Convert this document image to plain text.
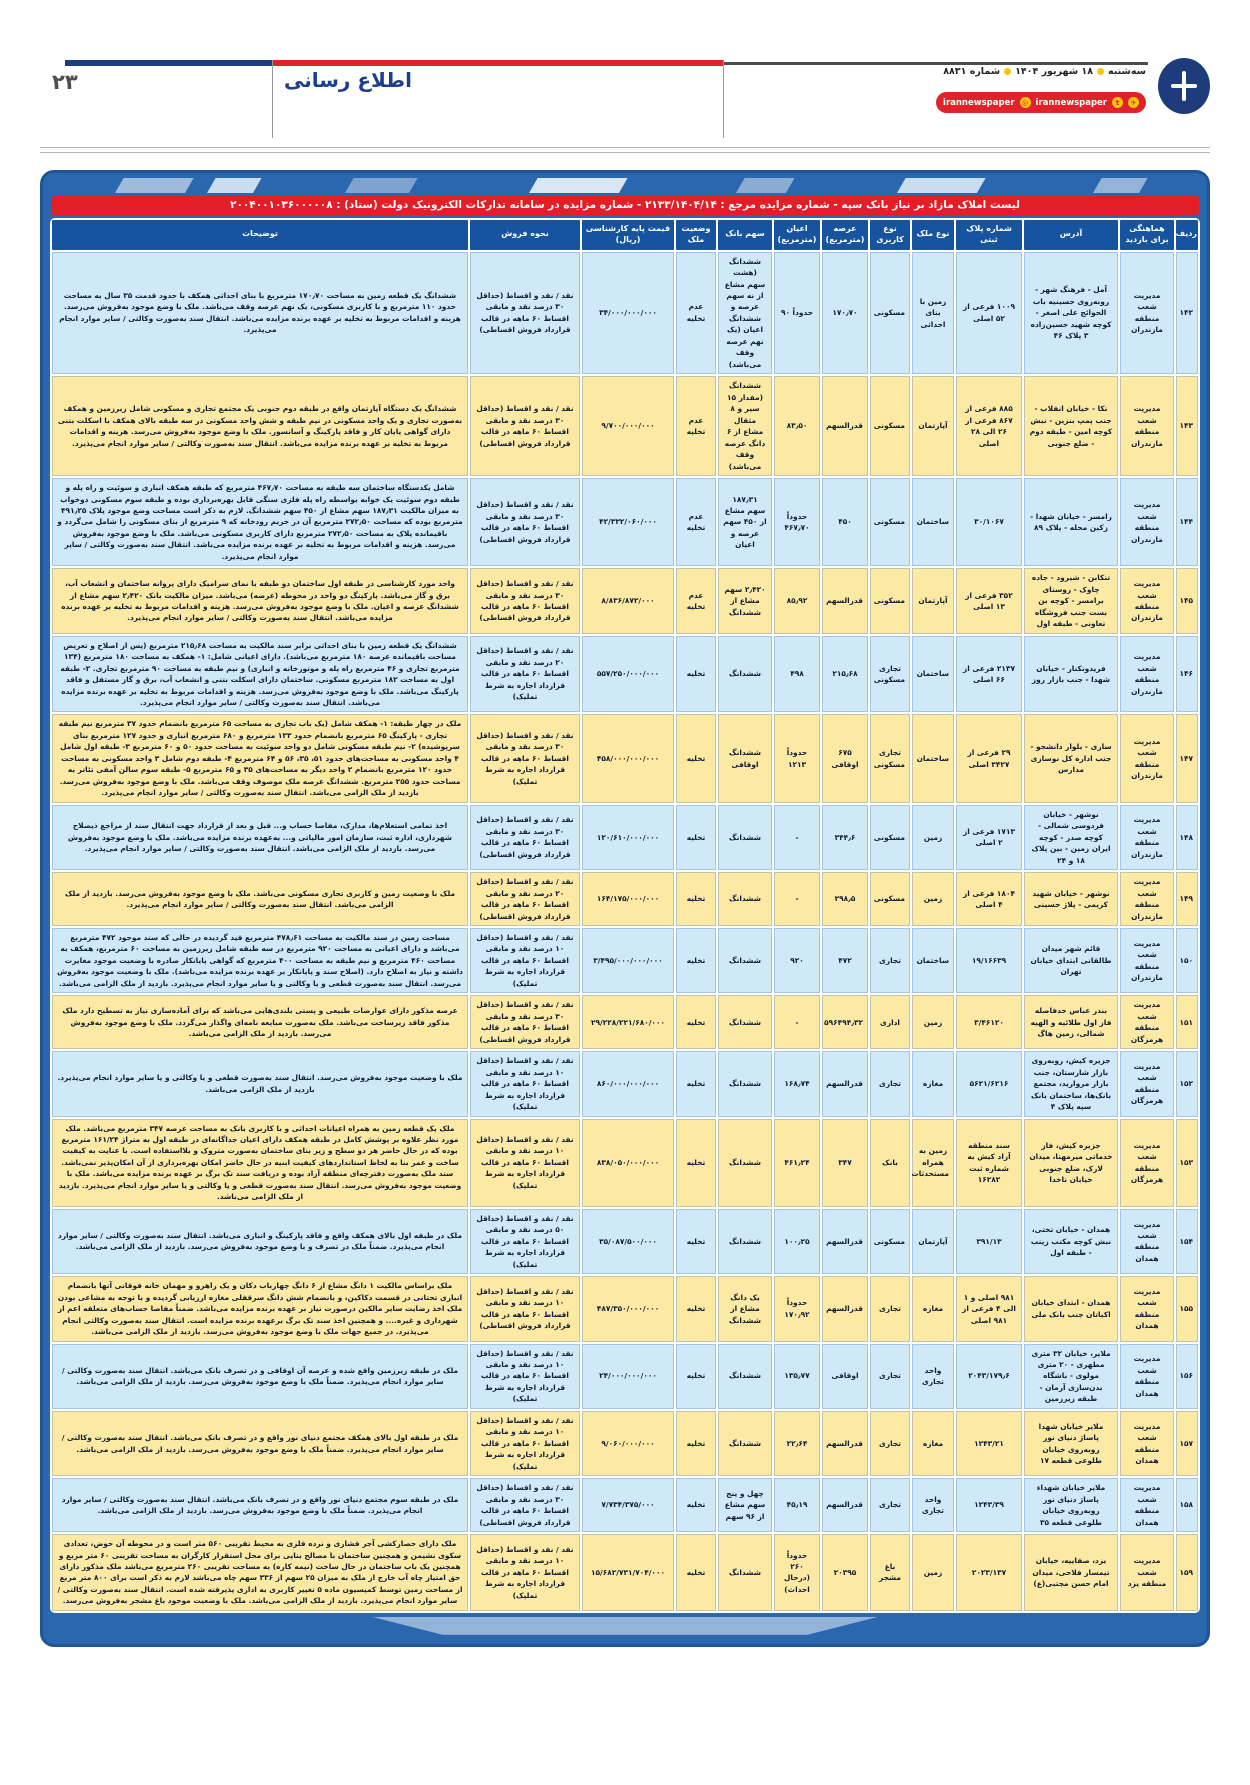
۲۳	اطلاع رسانی	سه‌شنبه
۱۸ شهریور ۱۴۰۴
شماره ۸۸۳۱
✈
t
irannewspaper
◎
irannewspaper
لیست املاک مازاد بر نیاز بانک سپه - شماره مزایده مرجع : ۲۱۳۳/۱۴۰۴/۱۴ - شماره مزایده در سامانه تدارکات الکترونیک دولت (ستاد) : ۲۰۰۴۰۰۱۰۳۶۰۰۰۰۰۸
ردیف	هماهنگی برای بازدید	آدرس	شماره پلاک ثبتی	نوع ملک	نوع کاربری	عرصه (مترمربع)	اعیان (مترمربع)	سهم بانک	وضعیت ملک	قیمت پایه کارشناسی (ریال)	نحوه فروش	توضیحات
۱۴۲	مدیریت شعب منطقه مازندران	آمل - فرهنگ شهر - روبه‌روی حسینیه باب الحوائج علی اصغر - کوچه شهید حسین‌زاده ۳ پلاک ۴۶	۱۰۰۹ فرعی از ۵۲ اصلی	زمین با بنای احداثی	مسکونی	۱۷۰٫۷۰	حدوداً ۹۰	ششدانگ (هشت سهم مشاع از نه سهم عرصه و ششدانگ اعیان (یک نهم عرصه وقف می‌باشد)	عدم تخلیه	۳۴/۰۰۰/۰۰۰/۰۰۰	نقد / نقد و اقساط (حداقل ۳۰ درصد نقد و مابقی اقساط ۶۰ ماهه در قالب قرارداد فروش اقساطی)	ششدانگ یک قطعه زمین به مساحت ۱۷۰٫۷۰ مترمربع با بنای احداثی همکف با حدود قدمت ۳۵ سال به مساحت حدود ۱۱۰ مترمربع و با کاربری مسکونی، یک نهم عرصه وقف می‌باشد. ملک با وضع موجود به‌فروش می‌رسد. هزینه و اقدامات مربوط به تخلیه بر عهده برنده مزایده می‌باشد. انتقال سند به‌صورت وکالتی / سایر موارد انجام می‌پذیرد.
۱۴۳	مدیریت شعب منطقه مازندران	نکا - خیابان انقلاب - جنب پمپ بنزین - نبش کوچه امین - طبقه دوم - ضلع جنوبی	۸۸۵ فرعی از ۸۶۷ فرعی از ۲۶ الی ۲۸ اصلی	آپارتمان	مسکونی	قدرالسهم	۸۳٫۵۰	ششدانگ (مقدار ۱۵ سیر و ۸ مثقال مشاع از ۶ دانگ عرصه وقف می‌باشد)	عدم تخلیه	۹/۷۰۰/۰۰۰/۰۰۰	نقد / نقد و اقساط (حداقل ۳۰ درصد نقد و مابقی اقساط ۶۰ ماهه در قالب قرارداد فروش اقساطی)	ششدانگ یک دستگاه آپارتمان واقع در طبقه دوم جنوبی یک مجتمع تجاری و مسکونی شامل زیرزمین و همکف به‌صورت تجاری و یک واحد مسکونی در نیم طبقه و شش واحد مسکونی در سه طبقه بالای همکف با اسکلت بتنی دارای گواهی پایان کار و فاقد پارکینگ و آسانسور. ملک با وضع موجود به‌فروش می‌رسد. هزینه و اقدامات مربوط به تخلیه بر عهده برنده مزایده می‌باشد. انتقال سند به‌صورت وکالتی / سایر موارد انجام می‌پذیرد.
۱۴۴	مدیریت شعب منطقه مازندران	رامسر - خیابان شهدا - زکین محله - پلاک ۸۹	۳۰/۱۰۶۷	ساختمان	مسکونی	۴۵۰	حدوداً ۴۶۷٫۷۰	۱۸۷٫۳۱ سهم مشاع از ۴۵۰ سهم عرصه و اعیان	عدم تخلیه	۴۲/۳۳۲/۰۶۰/۰۰۰	نقد / نقد و اقساط (حداقل ۳۰ درصد نقد و مابقی اقساط ۶۰ ماهه در قالب قرارداد فروش اقساطی)	شامل یکدستگاه ساختمان سه طبقه به مساحت ۴۶۷٫۷۰ مترمربع که طبقه همکف انباری و سوئیت و راه پله و طبقه دوم سوئیت یک خوابه بواسطه راه پله فلزی سنگی قابل بهره‌برداری بوده و طبقه سوم مسکونی دوخواب به میزان مالکیت ۱۸۷٫۳۱ سهم مشاع از ۴۵۰ سهم ششدانگ. لازم به ذکر است مساحت وضع موجود پلاک ۴۹۱٫۲۵ مترمربع بوده که مساحت ۲۷۲٫۵۰ مترمربع آن در حریم رودخانه که ۹ مترمربع از بنای مسکونی را شامل می‌گردد و باقیمانده پلاک به مساحت ۲۷۲٫۵۰ مترمربع دارای کاربری مسکونی می‌باشد. ملک با وضع موجود به‌فروش می‌رسد. هزینه و اقدامات مربوط به تخلیه بر عهده برنده مزایده می‌باشد. انتقال سند به‌صورت وکالتی / سایر موارد انجام می‌پذیرد.
۱۴۵	مدیریت شعب منطقه مازندران	تنکابن - شیرود - جاده چاوک - روستای برامسر - کوچه بن بست جنب فروشگاه تعاونی - طبقه اول	۳۵۲ فرعی از ۱۳ اصلی	آپارتمان	مسکونی	قدرالسهم	۸۵٫۹۲	۲٫۴۲۰ سهم مشاع از ششدانگ	عدم تخلیه	۸/۸۳۶/۸۷۲/۰۰۰	نقد / نقد و اقساط (حداقل ۳۰ درصد نقد و مابقی اقساط ۶۰ ماهه در قالب قرارداد فروش اقساطی)	واحد مورد کارشناسی در طبقه اول ساختمان دو طبقه با نمای سرامیک دارای پروانه ساختمان و انشعاب آب، برق و گاز می‌باشد. پارکینگ دو واحد در محوطه (عرصه) می‌باشد. میزان مالکیت بانک ۲٫۴۲۰ سهم مشاع از ششدانگ عرصه و اعیان. ملک با وضع موجود به‌فروش می‌رسد. هزینه و اقدامات مربوط به تخلیه بر عهده برنده مزایده می‌باشد. انتقال سند به‌صورت وکالتی / سایر موارد انجام می‌پذیرد.
۱۴۶	مدیریت شعب منطقه مازندران	فریدونکنار - خیابان شهدا - جنب بازار روز	۲۱۳۷ فرعی از ۶۶ اصلی	ساختمان	تجاری مسکونی	۲۱۵٫۶۸	۴۹۸	ششدانگ	تخلیه	۵۵۷/۲۵۰/۰۰۰/۰۰۰	نقد / نقد و اقساط (حداقل ۲۰ درصد نقد و مابقی اقساط ۶۰ ماهه در قالب قرارداد اجاره به شرط تملیک)	ششدانگ یک قطعه زمین با بنای احداثی برابر سند مالکیت به مساحت ۲۱۵٫۶۸ مترمربع (پس از اصلاح و تعریض مساحت باقیمانده عرصه ۱۸۰ مترمربع می‌باشد). دارای اعیانی شامل: ۱- همکف به مساحت ۱۸۰ مترمربع (۱۳۴ مترمربع تجاری و ۴۶ مترمربع راه پله و موتورخانه و انباری) و نیم طبقه به مساحت ۹۰ مترمربع تجاری. ۲- طبقه اول به مساحت ۱۸۲ مترمربع مسکونی. ساختمان دارای اسکلت بتنی و انشعاب آب، برق و گاز مستقل و فاقد پارکینگ می‌باشد. ملک با وضع موجود به‌فروش می‌رسد. هزینه و اقدامات مربوط به تخلیه بر عهده برنده مزایده می‌باشد. انتقال سند به‌صورت وکالتی / سایر موارد انجام می‌پذیرد.
۱۴۷	مدیریت شعب منطقه مازندران	ساری - بلوار دانشجو - جنب اداره کل نوسازی مدارس	۲۹ فرعی از ۳۴۲۷ اصلی	ساختمان	تجاری مسکونی	۶۷۵ اوقافی	حدوداً ۱۲۱۳	ششدانگ اوقافی	تخلیه	۴۵۸/۰۰۰/۰۰۰/۰۰۰	نقد / نقد و اقساط (حداقل ۳۰ درصد نقد و مابقی اقساط ۶۰ ماهه در قالب قرارداد اجاره به شرط تملیک)	ملک در چهار طبقه: ۱- همکف شامل (یک باب تجاری به مساحت ۶۵ مترمربع بانضمام حدود ۳۷ مترمربع نیم طبقه تجاری - پارکینگ ۶۵ مترمربع بانضمام حدود ۱۳۳ مترمربع و ۶۸۰ مترمربع انباری و حدود ۱۲۷ مترمربع بنای سرپوشیده) ۲- نیم طبقه مسکونی شامل دو واحد سوئیت به مساحت حدود ۵۰ و ۶۰ مترمربع ۳- طبقه اول شامل ۴ واحد مسکونی به مساحت‌های حدود ۵۱، ۳۵، ۵۶ و ۶۴ مترمربع ۴- طبقه دوم شامل ۳ واحد مسکونی به مساحت حدود ۱۲۰ مترمربع بانضمام ۲ واحد دیگر به مساحت‌های ۳۵ و ۶۵ مترمربع ۵- طبقه سوم سالن آمفی تئاتر به مساحت حدود ۲۵۵ مترمربع. ششدانگ عرصه ملک موصوف وقف می‌باشد. ملک با وضع موجود به‌فروش می‌رسد. بازدید از ملک الزامی می‌باشد. انتقال سند به‌صورت وکالتی / سایر موارد انجام می‌پذیرد.
۱۴۸	مدیریت شعب منطقه مازندران	نوشهر - خیابان فردوسی شمالی - کوچه صدر - کوچه ایران زمین - بین پلاک ۱۸ و ۲۴	۱۷۱۳ فرعی از ۲ اصلی	زمین	مسکونی	۳۴۴٫۶	-	ششدانگ	تخلیه	۱۲۰/۶۱۰/۰۰۰/۰۰۰	نقد / نقد و اقساط (حداقل ۳۰ درصد نقد و مابقی اقساط ۶۰ ماهه در قالب قرارداد فروش اقساطی)	اخذ تمامی استعلام‌ها، مدارک، مفاصا حساب و... قبل و بعد از قرارداد جهت انتقال سند از مراجع ذیصلاح شهرداری، اداره ثبت، سازمان امور مالیاتی و... به‌عهده برنده مزایده می‌باشد. ملک با وضع موجود به‌فروش می‌رسد. بازدید از ملک الزامی می‌باشد. انتقال سند به‌صورت وکالتی / سایر موارد انجام می‌پذیرد.
۱۴۹	مدیریت شعب منطقه مازندران	نوشهر - خیابان شهید کریمی - پلاژ حسینی	۱۸۰۴ فرعی از ۴ اصلی	زمین	مسکونی	۲۹۸٫۵	-	ششدانگ	تخلیه	۱۶۴/۱۷۵/۰۰۰/۰۰۰	نقد / نقد و اقساط (حداقل ۲۰ درصد نقد و مابقی اقساط ۶۰ ماهه در قالب قرارداد فروش اقساطی)	ملک با وضعیت زمین و کاربری تجاری مسکونی می‌باشد. ملک با وضع موجود به‌فروش می‌رسد. بازدید از ملک الزامی می‌باشد. انتقال سند به‌صورت وکالتی / سایر موارد انجام می‌پذیرد.
۱۵۰	مدیریت شعب منطقه مازندران	قائم شهر میدان طالقانی ابتدای خیابان تهران	۱۹/۱۶۶۳۹	ساختمان	تجاری	۴۷۲	۹۲۰	ششدانگ	تخلیه	۳/۴۹۵/۰۰۰/۰۰۰/۰۰۰	نقد / نقد و اقساط (حداقل ۱۰ درصد نقد و مابقی اقساط ۶۰ ماهه در قالب قرارداد اجاره به شرط تملیک)	مساحت زمین در سند مالکیت به مساحت ۴۷۸٫۶۱ مترمربع قید گردیده در حالی که سند موجود ۴۷۲ مترمربع می‌باشد و دارای اعیانی به مساحت ۹۲۰ مترمربع در سه طبقه شامل زیرزمین به مساحت ۶۰ مترمربع، همکف به مساحت ۴۶۰ مترمربع و نیم طبقه به مساحت ۴۰۰ مترمربع که گواهی پایانکار صادره با وضعیت موجود مغایرت داشته و نیاز به اصلاح دارد. (اصلاح سند و پایانکار بر عهده برنده مزایده می‌باشد). ملک با وضعیت موجود به‌فروش می‌رسد. انتقال سند به‌صورت قطعی و یا وکالتی و یا سایر موارد انجام می‌پذیرد. بازدید از ملک الزامی می‌باشد.
۱۵۱	مدیریت شعب منطقه هرمزگان	بندر عباس حدفاصله فاز اول طلائیه و الهیه شمالی، زمین هاگ	۳/۴۶۱۲۰	زمین	اداری	۵۹۶۴۹۴٫۳۲	-	ششدانگ	تخلیه	۲۹/۲۲۸/۲۲۱/۶۸۰/۰۰۰	نقد / نقد و اقساط (حداقل ۳۰ درصد نقد و مابقی اقساط ۶۰ ماهه در قالب قرارداد فروش اقساطی)	عرصه مذکور دارای عوارضات طبیعی و پستی بلندی‌هایی می‌باشد که برای آماده‌سازی نیاز به تسطیح دارد ملک مذکور فاقد زیرساخت می‌باشد. ملک به‌صورت مبایعه نامه‌ای واگذار می‌گردد. ملک با وضع موجود به‌فروش می‌رسد. بازدید از ملک الزامی می‌باشد.
۱۵۲	مدیریت شعب منطقه هرمزگان	جزیره کیش، روبه‌روی بازار شارستان، جنب بازار مروارید، مجتمع بانک‌ها، ساختمان بانک سپه پلاک ۴	۵۶۲۱/۶۲۱۶	مغازه	تجاری	قدرالسهم	۱۶۸٫۷۴	ششدانگ	تخلیه	۸۶۰/۰۰۰/۰۰۰/۰۰۰	نقد / نقد و اقساط (حداقل ۱۰ درصد نقد و مابقی اقساط ۶۰ ماهه در قالب قرارداد اجاره به شرط تملیک)	ملک با وضعیت موجود به‌فروش می‌رسد. انتقال سند به‌صورت قطعی و یا وکالتی و یا سایر موارد انجام می‌پذیرد. بازدید از ملک الزامی می‌باشد.
۱۵۳	مدیریت شعب منطقه هرمزگان	جزیره کیش، فاز خدماتی میرمهنا، میدان لارک، ضلع جنوبی خیابان ناخدا	سند منطقه آزاد کیش به شماره ثبت ۱۶۲۸۲	زمین به همراه مستحدثات	بانک	۳۴۷	۴۶۱٫۲۴	ششدانگ	تخلیه	۸۳۸/۰۵۰/۰۰۰/۰۰۰	نقد / نقد و اقساط (حداقل ۱۰ درصد نقد و مابقی اقساط ۶۰ ماهه در قالب قرارداد اجاره به شرط تملیک)	ملک یک قطعه زمین به همراه اعیانات احداثی و با کاربری بانک به مساحت عرصه ۳۴۷ مترمربع می‌باشد. ملک مورد نظر علاوه بر پوشش کامل در طبقه همکف دارای اعیان جداگانه‌ای در طبقه اول به متراژ ۱۶۱/۲۴ مترمربع بوده که در حال حاضر هر دو سطح و زیر بنای ساختمان به‌صورت متروک و بلااستفاده است. با عنایت به کیفیت ساخت و عمر بنا به لحاظ استانداردهای کیفیت ابنیه در حال حاضر امکان بهره‌برداری از آن امکان‌پذیر نمی‌باشد. سند ملک به‌صورت دفترچه‌ای منطقه آزاد بوده و دریافت سند تک برگ بر عهده برنده مزایده می‌باشد. ملک با وضعیت موجود به‌فروش می‌رسد. انتقال سند به‌صورت قطعی و یا وکالتی و یا سایر موارد انجام می‌پذیرد. بازدید از ملک الزامی می‌باشد.
۱۵۴	مدیریت شعب منطقه همدان	همدان - خیابان تختی، نبش کوچه مکتب زینب - طبقه اول	۳۹۱/۱۳	آپارتمان	مسکونی	قدرالسهم	۱۰۰٫۲۵	ششدانگ	تخلیه	۳۵/۰۸۷/۵۰۰/۰۰۰	نقد / نقد و اقساط (حداقل ۵۰ درصد نقد و مابقی اقساط ۶۰ ماهه در قالب قرارداد اجاره به شرط تملیک)	ملک در طبقه اول بالای همکف واقع و فاقد پارکینگ و انباری می‌باشد. انتقال سند به‌صورت وکالتی / سایر موارد انجام می‌پذیرد. ضمناً ملک در تصرف و با وضع موجود به‌فروش می‌رسد. بازدید از ملک الزامی می‌باشد.
۱۵۵	مدیریت شعب منطقه همدان	همدان - ابتدای خیابان اکباتان جنب بانک ملی	۹۸۱ اصلی و ۱ الی ۴ فرعی از ۹۸۱ اصلی	مغازه	تجاری	قدرالسهم	حدوداً ۱۷۰٫۹۲	یک دانگ مشاع از ششدانگ	تخلیه	۴۸۷/۳۵۰/۰۰۰/۰۰۰	نقد / نقد و اقساط (حداقل ۱۰ درصد نقد و مابقی اقساط ۶۰ ماهه در قالب قرارداد فروش اقساطی)	ملک براساس مالکیت ۱ دانگ مشاع از ۶ دانگ چهارباب دکان و یک راهرو و مهمان خانه فوقانی آنها بانضمام انباری تحتانی در قسمت دکاکین، و بانضمام شش دانگ سرقفلی مغازه ارزیابی گردیده و با توجه به مشاعی بودن ملک اخذ رضایت سایر مالکین درصورت نیاز بر عهده برنده مزایده می‌باشد. ضمناً مفاصا حساب‌های متعلقه اعم از شهرداری و غیره.... و همچنین اخذ سند تک برگ برعهده برنده مزایده است. انتقال سند به‌صورت وکالتی انجام می‌پذیرد. در جمیع جهات ملک با وضع موجود به‌فروش می‌رسد. بازدید از ملک الزامی می‌باشد.
۱۵۶	مدیریت شعب منطقه همدان	ملایر، خیابان ۳۲ متری مطهری - ۲۰ متری مولوی - باشگاه بدن‌سازی آرمان - طبقه زیرزمین	۲۰۴۳/۱۷۹٫۶	واحد تجاری	تجاری	اوقافی	۱۳۵٫۷۷	ششدانگ	تخلیه	۲۴/۰۰۰/۰۰۰/۰۰۰	نقد / نقد و اقساط (حداقل ۱۰ درصد نقد و مابقی اقساط ۶۰ ماهه در قالب قرارداد اجاره به شرط تملیک)	ملک در طبقه زیرزمین واقع شده و عرصه آن اوقافی و در تصرف بانک می‌باشد. انتقال سند به‌صورت وکالتی / سایر موارد انجام می‌پذیرد. ضمناً ملک با وضع موجود به‌فروش می‌رسد. بازدید از ملک الزامی می‌باشد.
۱۵۷	مدیریت شعب منطقه همدان	ملایر خیابان شهدا پاساژ دنیای نور روبه‌روی خیابان طلوعی قطعه ۱۷	۱۲۴۳/۲۱	مغازه	تجاری	قدرالسهم	۲۲٫۶۴	ششدانگ	تخلیه	۹/۰۶۰/۰۰۰/۰۰۰	نقد / نقد و اقساط (حداقل ۱۰ درصد نقد و مابقی اقساط ۶۰ ماهه در قالب قرارداد اجاره به شرط تملیک)	ملک در طبقه اول بالای همکف مجتمع دنیای نور واقع و در تصرف بانک می‌باشد. انتقال سند به‌صورت وکالتی / سایر موارد انجام می‌پذیرد. ضمناً ملک با وضع موجود به‌فروش می‌رسد. بازدید از ملک الزامی می‌باشد.
۱۵۸	مدیریت شعب منطقه همدان	ملایر خیابان شهداء پاساژ دنیای نور روبه‌روی خیابان طلوعی قطعه ۳۵	۱۲۴۳/۳۹	واحد تجاری	تجاری	قدرالسهم	۴۵٫۱۹	چهل و پنج سهم مشاع از ۹۶ سهم	تخلیه	۷/۷۳۴/۳۷۵/۰۰۰	نقد / نقد و اقساط (حداقل ۳۰ درصد نقد و مابقی اقساط ۶۰ ماهه در قالب قرارداد فروش اقساطی)	ملک در طبقه سوم مجتمع دنیای نور واقع و در تصرف بانک می‌باشد. انتقال سند به‌صورت وکالتی / سایر موارد انجام می‌پذیرد. ضمناً ملک با وضع موجود به‌فروش می‌رسد. بازدید از ملک الزامی می‌باشد.
۱۵۹	مدیریت شعب منطقه یزد	یزد، صفاییه، خیابان تیمسار فلاحی، میدان امام حسن مجتبی(ع)	۲۰۲۳/۱۳۷	زمین	باغ مشجر	۲۰۳۹۵	حدوداً ۲۶۰ (درحال احداث)	ششدانگ	تخلیه	۱۵/۶۸۲/۷۳۱/۷۰۴/۰۰۰	نقد / نقد و اقساط (حداقل ۱۰ درصد نقد و مابقی اقساط ۶۰ ماهه در قالب قرارداد اجاره به شرط تملیک)	ملک دارای حصارکشی آجر فشاری و نرده فلزی به محیط تقریبی ۵۶۰ متر است و در محوطه آن حوض، تعدادی سکوی نشیمن و همچنین ساختمان با مصالح بنایی برای محل استقرار کارگران به مساحت تقریبی ۶۰ متر مربع و همچنین یک باب ساختمان در حال ساخت (نیمه کاره) به مساحت تقریبی ۲۶۰ مترمربع می‌باشد ملک مذکور دارای حق امتیاز چاه آب خارج از ملک به میزان ۲۵ سهم از ۳۳۶ سهم چاه می‌باشد لازم به ذکر است برای ۸۰۰ متر مربع از مساحت زمین توسط کمیسیون ماده ۵ تغییر کاربری به اداری پذیرفته شده است. انتقال سند به‌صورت وکالتی / سایر موارد انجام می‌پذیرد. بازدید از ملک الزامی می‌باشد. ملک با وضعیت موجود باغ مشجر به‌فروش می‌رسد.
